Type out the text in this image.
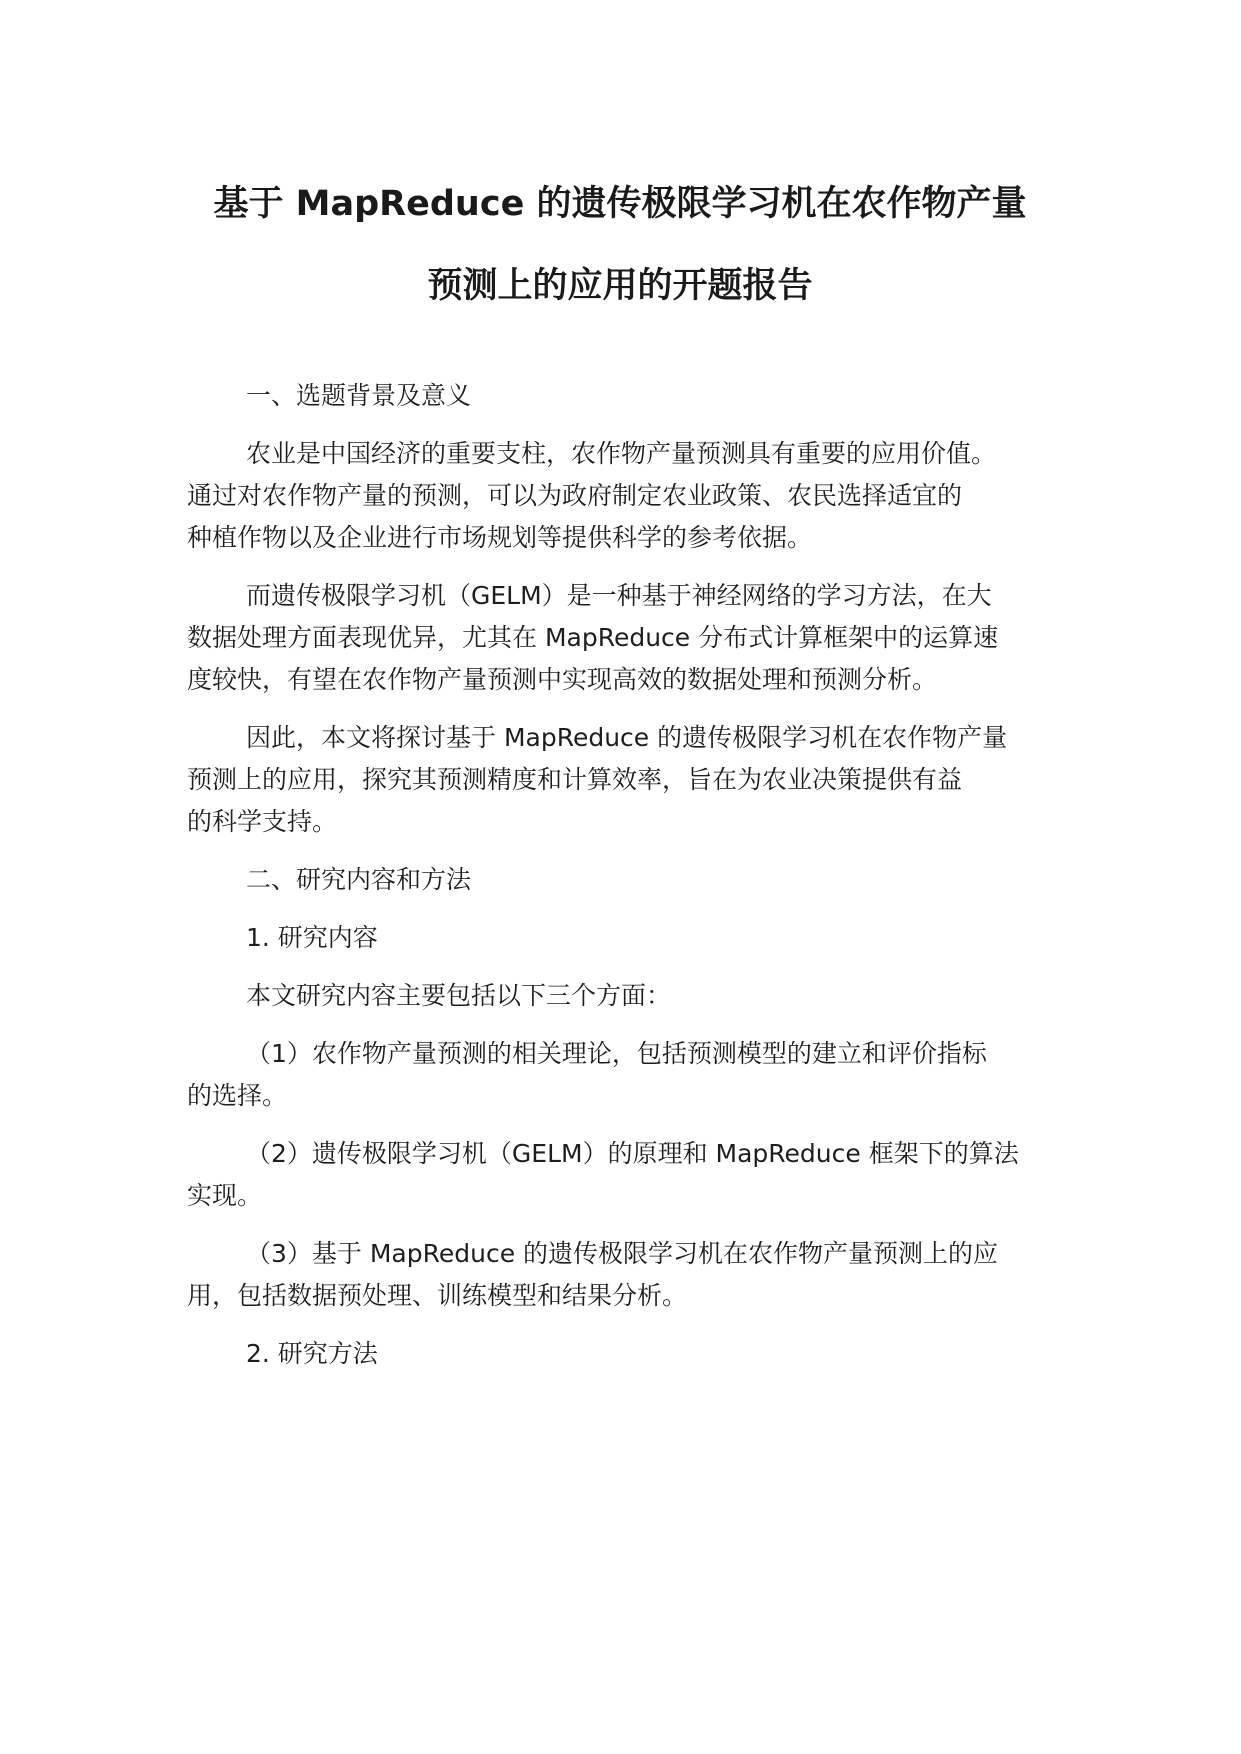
基于 MapReduce 的遗传极限学习机在农作物产量
预测上的应用的开题报告
一、选题背景及意义
农业是中国经济的重要支柱，农作物产量预测具有重要的应用价值。
通过对农作物产量的预测，可以为政府制定农业政策、农民选择适宜的
种植作物以及企业进行市场规划等提供科学的参考依据。
而遗传极限学习机（GELM）是一种基于神经网络的学习方法，在大
数据处理方面表现优异，尤其在 MapReduce 分布式计算框架中的运算速
度较快，有望在农作物产量预测中实现高效的数据处理和预测分析。
因此，本文将探讨基于 MapReduce 的遗传极限学习机在农作物产量
预测上的应用，探究其预测精度和计算效率，旨在为农业决策提供有益
的科学支持。
二、研究内容和方法
1. 研究内容
本文研究内容主要包括以下三个方面：
（1）农作物产量预测的相关理论，包括预测模型的建立和评价指标
的选择。
（2）遗传极限学习机（GELM）的原理和 MapReduce 框架下的算法
实现。
（3）基于 MapReduce 的遗传极限学习机在农作物产量预测上的应
用，包括数据预处理、训练模型和结果分析。
2. 研究方法
